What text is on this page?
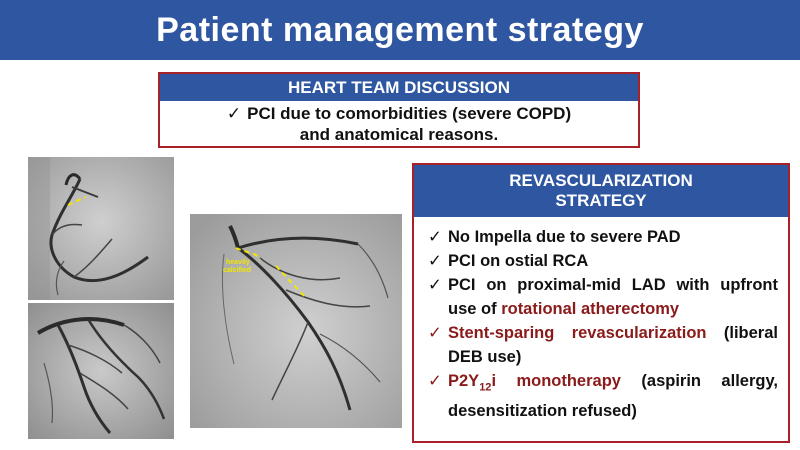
Patient management strategy
HEART TEAM DISCUSSION
✓ PCI due to comorbidities (severe COPD)
and anatomical reasons.
heavily
calcified
REVASCULARIZATION
STRATEGY
✓ No Impella due to severe PAD
✓ PCI on ostial RCA
✓ PCI on proximal-mid LAD with upfront use of rotational atherectomy
✓ Stent-sparing revascularization (liberal DEB use)
✓ $P2Y_{12}i$ monotherapy (aspirin allergy, desensitization refused)
